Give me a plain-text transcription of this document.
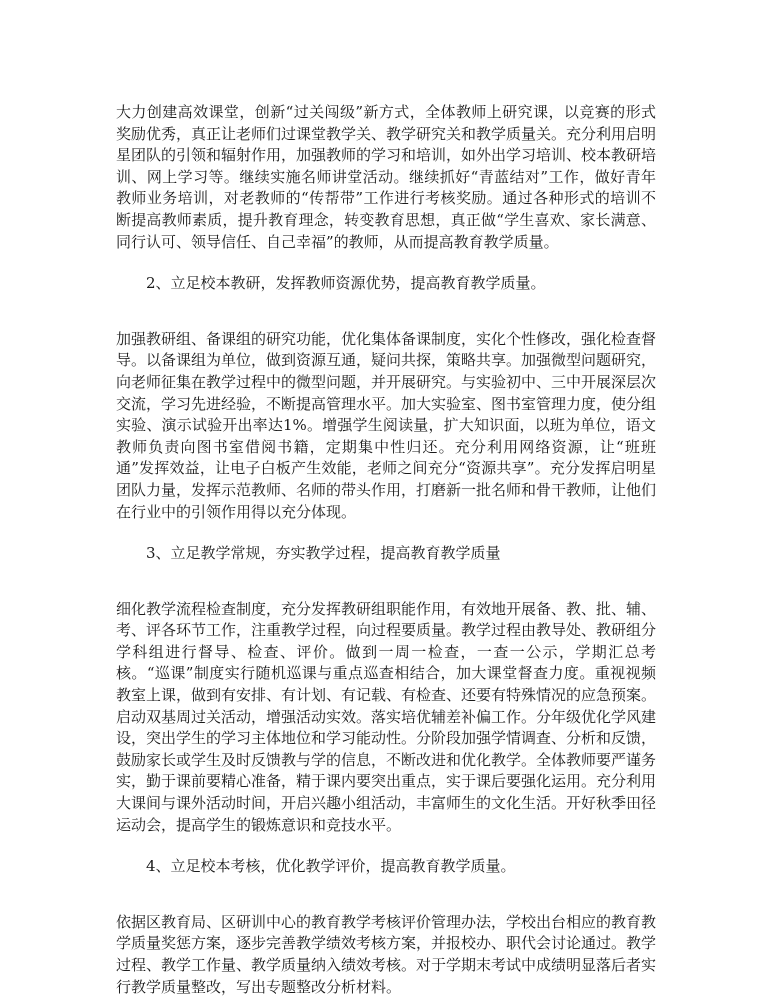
大力创建高效课堂，创新“过关闯级”新方式，全体教师上研究课，以竞赛的形式奖励优秀，真正让老师们过课堂教学关、教学研究关和教学质量关。充分利用启明星团队的引领和辐射作用，加强教师的学习和培训，如外出学习培训、校本教研培训、网上学习等。继续实施名师讲堂活动。继续抓好“青蓝结对”工作，做好青年教师业务培训，对老教师的“传帮带”工作进行考核奖励。通过各种形式的培训不断提高教师素质，提升教育理念，转变教育思想，真正做“学生喜欢、家长满意、同行认可、领导信任、自己幸福”的教师，从而提高教育教学质量。

2、立足校本教研，发挥教师资源优势，提高教育教学质量。

加强教研组、备课组的研究功能，优化集体备课制度，实化个性修改，强化检查督导。以备课组为单位，做到资源互通，疑问共探，策略共享。加强微型问题研究，向老师征集在教学过程中的微型问题，并开展研究。与实验初中、三中开展深层次交流，学习先进经验，不断提高管理水平。加大实验室、图书室管理力度，使分组实验、演示试验开出率达1%。增强学生阅读量，扩大知识面，以班为单位，语文教师负责向图书室借阅书籍，定期集中性归还。充分利用网络资源，让“班班通”发挥效益，让电子白板产生效能，老师之间充分“资源共享”。充分发挥启明星团队力量，发挥示范教师、名师的带头作用，打磨新一批名师和骨干教师，让他们在行业中的引领作用得以充分体现。

3、立足教学常规，夯实教学过程，提高教育教学质量

细化教学流程检查制度，充分发挥教研组职能作用，有效地开展备、教、批、辅、考、评各环节工作，注重教学过程，向过程要质量。教学过程由教导处、教研组分学科组进行督导、检查、评价。做到一周一检查，一查一公示，学期汇总考核。“巡课”制度实行随机巡课与重点巡查相结合，加大课堂督查力度。重视视频教室上课，做到有安排、有计划、有记载、有检查、还要有特殊情况的应急预案。启动双基周过关活动，增强活动实效。落实培优辅差补偏工作。分年级优化学风建设，突出学生的学习主体地位和学习能动性。分阶段加强学情调查、分析和反馈，鼓励家长或学生及时反馈教与学的信息，不断改进和优化教学。全体教师要严谨务实，勤于课前要精心准备，精于课内要突出重点，实于课后要强化运用。充分利用大课间与课外活动时间，开启兴趣小组活动，丰富师生的文化生活。开好秋季田径运动会，提高学生的锻炼意识和竞技水平。

4、立足校本考核，优化教学评价，提高教育教学质量。

依据区教育局、区研训中心的教育教学考核评价管理办法，学校出台相应的教育教学质量奖惩方案，逐步完善教学绩效考核方案，并报校办、职代会讨论通过。教学过程、教学工作量、教学质量纳入绩效考核。对于学期末考试中成绩明显落后者实行教学质量整改，写出专题整改分析材料。
